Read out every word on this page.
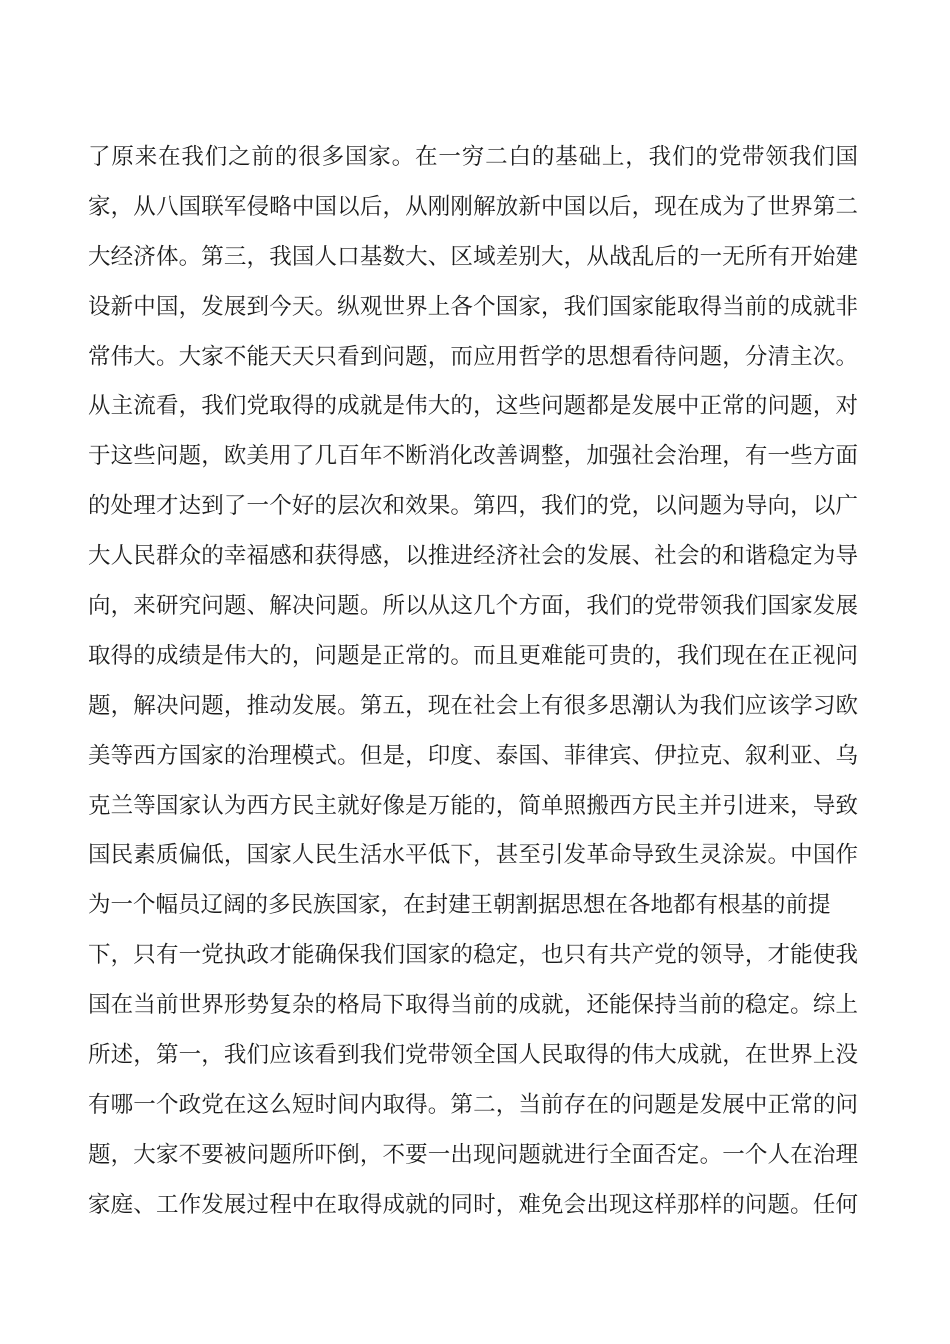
了原来在我们之前的很多国家。在一穷二白的基础上，我们的党带领我们国
家，从八国联军侵略中国以后，从刚刚解放新中国以后，现在成为了世界第二
大经济体。第三，我国人口基数大、区域差别大，从战乱后的一无所有开始建
设新中国，发展到今天。纵观世界上各个国家，我们国家能取得当前的成就非
常伟大。大家不能天天只看到问题，而应用哲学的思想看待问题，分清主次。
从主流看，我们党取得的成就是伟大的，这些问题都是发展中正常的问题，对
于这些问题，欧美用了几百年不断消化改善调整，加强社会治理，有一些方面
的处理才达到了一个好的层次和效果。第四，我们的党，以问题为导向，以广
大人民群众的幸福感和获得感，以推进经济社会的发展、社会的和谐稳定为导
向，来研究问题、解决问题。所以从这几个方面，我们的党带领我们国家发展
取得的成绩是伟大的，问题是正常的。而且更难能可贵的，我们现在在正视问
题，解决问题，推动发展。第五，现在社会上有很多思潮认为我们应该学习欧
美等西方国家的治理模式。但是，印度、泰国、菲律宾、伊拉克、叙利亚、乌
克兰等国家认为西方民主就好像是万能的，简单照搬西方民主并引进来，导致
国民素质偏低，国家人民生活水平低下，甚至引发革命导致生灵涂炭。中国作
为一个幅员辽阔的多民族国家，在封建王朝割据思想在各地都有根基的前提
下，只有一党执政才能确保我们国家的稳定，也只有共产党的领导，才能使我
国在当前世界形势复杂的格局下取得当前的成就，还能保持当前的稳定。综上
所述，第一，我们应该看到我们党带领全国人民取得的伟大成就，在世界上没
有哪一个政党在这么短时间内取得。第二，当前存在的问题是发展中正常的问
题，大家不要被问题所吓倒，不要一出现问题就进行全面否定。一个人在治理
家庭、工作发展过程中在取得成就的同时，难免会出现这样那样的问题。任何
